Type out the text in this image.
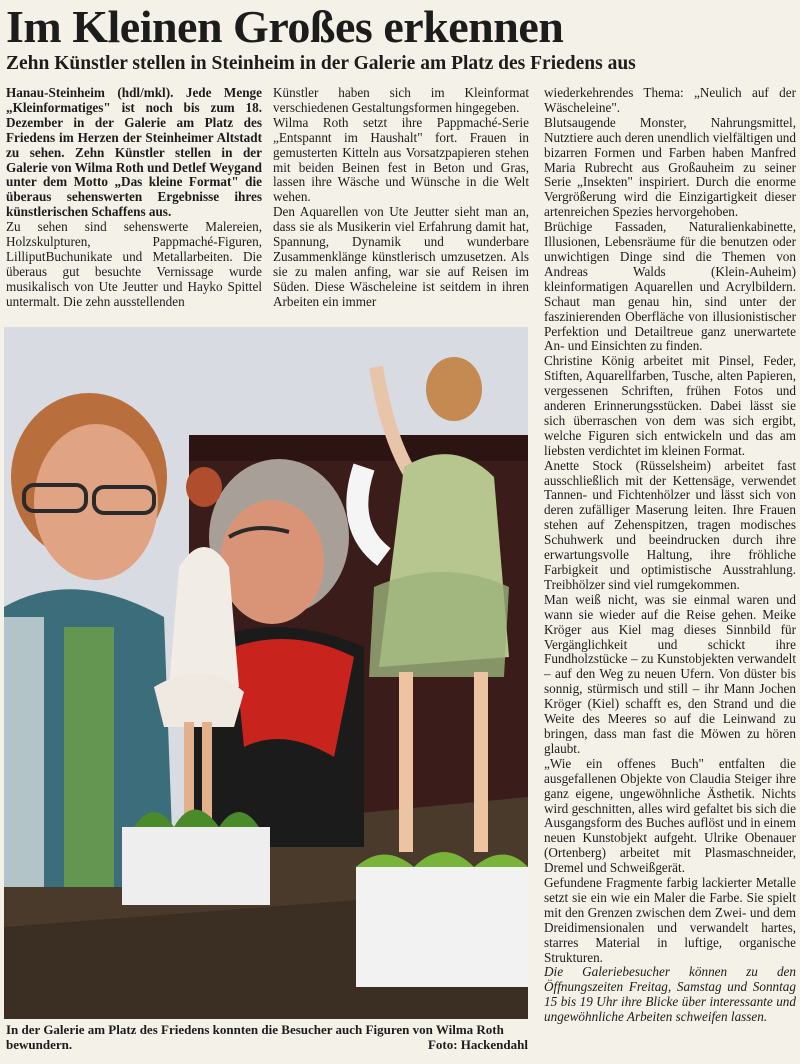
Im Kleinen Großes erkennen
Zehn Künstler stellen in Steinheim in der Galerie am Platz des Friedens aus

Hanau-Steinheim (hdl/mkl). Jede Menge „Kleinformatiges" ist noch bis zum 18. Dezember in der Galerie am Platz des Friedens im Herzen der Steinheimer Altstadt zu sehen. Zehn Künstler stellen in der Galerie von Wilma Roth und Detlef Weygand unter dem Motto „Das kleine Format" die überaus sehenswerten Ergebnisse ihres künstlerischen Schaffens aus.

Zu sehen sind sehenswerte Malereien, Holzskulpturen, Pappmaché-Figuren, LilliputBuchunikate und Metallarbeiten. Die überaus gut besuchte Vernissage wurde musikalisch von Ute Jeutter und Hayko Spittel untermalt. Die zehn ausstellenden

Künstler haben sich im Kleinformat verschiedenen Gestaltungsformen hingegeben.

Wilma Roth setzt ihre Pappmaché-Serie „Entspannt im Haushalt" fort. Frauen in gemusterten Kitteln aus Vorsatzpapieren stehen mit beiden Beinen fest in Beton und Gras, lassen ihre Wäsche und Wünsche in die Welt wehen.

Den Aquarellen von Ute Jeutter sieht man an, dass sie als Musikerin viel Erfahrung damit hat, Spannung, Dynamik und wunderbare Zusammenklänge künstlerisch umzusetzen. Als sie zu malen anfing, war sie auf Reisen im Süden. Diese Wäscheleine ist seitdem in ihren Arbeiten ein immer

wiederkehrendes Thema: „Neulich auf der Wäscheleine".

Blutsaugende Monster, Nahrungsmittel, Nutztiere auch deren unendlich vielfältigen und bizarren Formen und Farben haben Manfred Maria Rubrecht aus Großauheim zu seiner Serie „Insekten" inspiriert. Durch die enorme Vergrößerung wird die Einzigartigkeit dieser artenreichen Spezies hervorgehoben.

Brüchige Fassaden, Naturalienkabinette, Illusionen, Lebensräume für die benutzen oder unwichtigen Dinge sind die Themen von Andreas Walds (Klein-Auheim) kleinformatigen Aquarellen und Acrylbildern. Schaut man genau hin, sind unter der faszinierenden Oberfläche von illusionistischer Perfektion und Detailtreue ganz unerwartete An- und Einsichten zu finden.

Christine König arbeitet mit Pinsel, Feder, Stiften, Aquarellfarben, Tusche, alten Papieren, vergessenen Schriften, frühen Fotos und anderen Erinnerungsstücken. Dabei lässt sie sich überraschen von dem was sich ergibt, welche Figuren sich entwickeln und das am liebsten verdichtet im kleinen Format.

Anette Stock (Rüsselsheim) arbeitet fast ausschließlich mit der Kettensäge, verwendet Tannen- und Fichtenhölzer und lässt sich von deren zufälliger Maserung leiten. Ihre Frauen stehen auf Zehenspitzen, tragen modisches Schuhwerk und beeindrucken durch ihre erwartungsvolle Haltung, ihre fröhliche Farbigkeit und optimistische Ausstrahlung. Treibhölzer sind viel rumgekommen.

Man weiß nicht, was sie einmal waren und wann sie wieder auf die Reise gehen. Meike Kröger aus Kiel mag dieses Sinnbild für Vergänglichkeit und schickt ihre Fundholzstücke – zu Kunstobjekten verwandelt – auf den Weg zu neuen Ufern. Von düster bis sonnig, stürmisch und still – ihr Mann Jochen Kröger (Kiel) schafft es, den Strand und die Weite des Meeres so auf die Leinwand zu bringen, dass man fast die Möwen zu hören glaubt.

„Wie ein offenes Buch" entfalten die ausgefallenen Objekte von Claudia Steiger ihre ganz eigene, ungewöhnliche Ästhetik. Nichts wird geschnitten, alles wird gefaltet bis sich die Ausgangsform des Buches auflöst und in einem neuen Kunstobjekt aufgeht. Ulrike Obenauer (Ortenberg) arbeitet mit Plasmaschneider, Dremel und Schweißgerät.

Gefundene Fragmente farbig lackierter Metalle setzt sie ein wie ein Maler die Farbe. Sie spielt mit den Grenzen zwischen dem Zwei- und dem Dreidimensionalen und verwandelt hartes, starres Material in luftige, organische Strukturen.

Die Galeriebesucher können zu den Öffnungszeiten Freitag, Samstag und Sonntag 15 bis 19 Uhr ihre Blicke über interessante und ungewöhnliche Arbeiten schweifen lassen.

In der Galerie am Platz des Friedens konnten die Besucher auch Figuren von Wilma Roth bewundern.	Foto: Hackendahl
